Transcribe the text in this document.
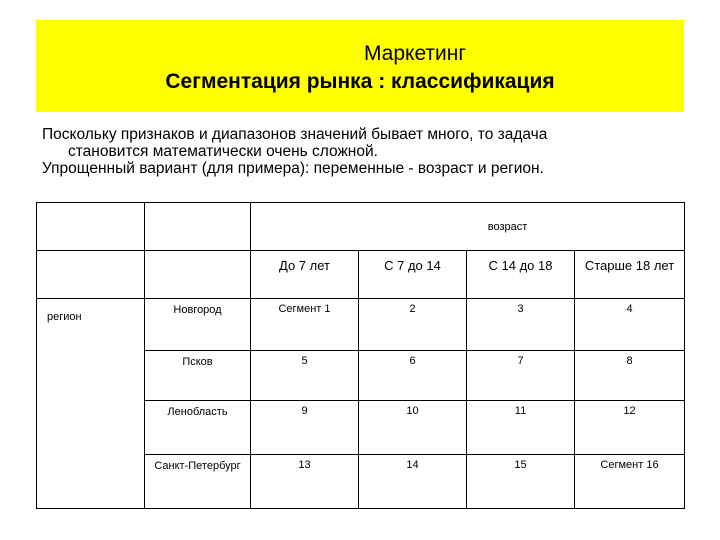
Маркетинг
Сегментация рынка : классификация
Поскольку признаков и диапазонов значений бывает много, то задача
становится математически очень сложной.
Упрощенный вариант (для примера): переменные - возраст и регион.
		возраст			
		До 7 лет	С 7 до 14	С 14 до 18	Старше 18 лет
регион	Новгород	Сегмент 1	2	3	4
	Псков	5	6	7	8
	Ленобласть	9	10	11	12
	Санкт-Петербург	13	14	15	Сегмент 16
